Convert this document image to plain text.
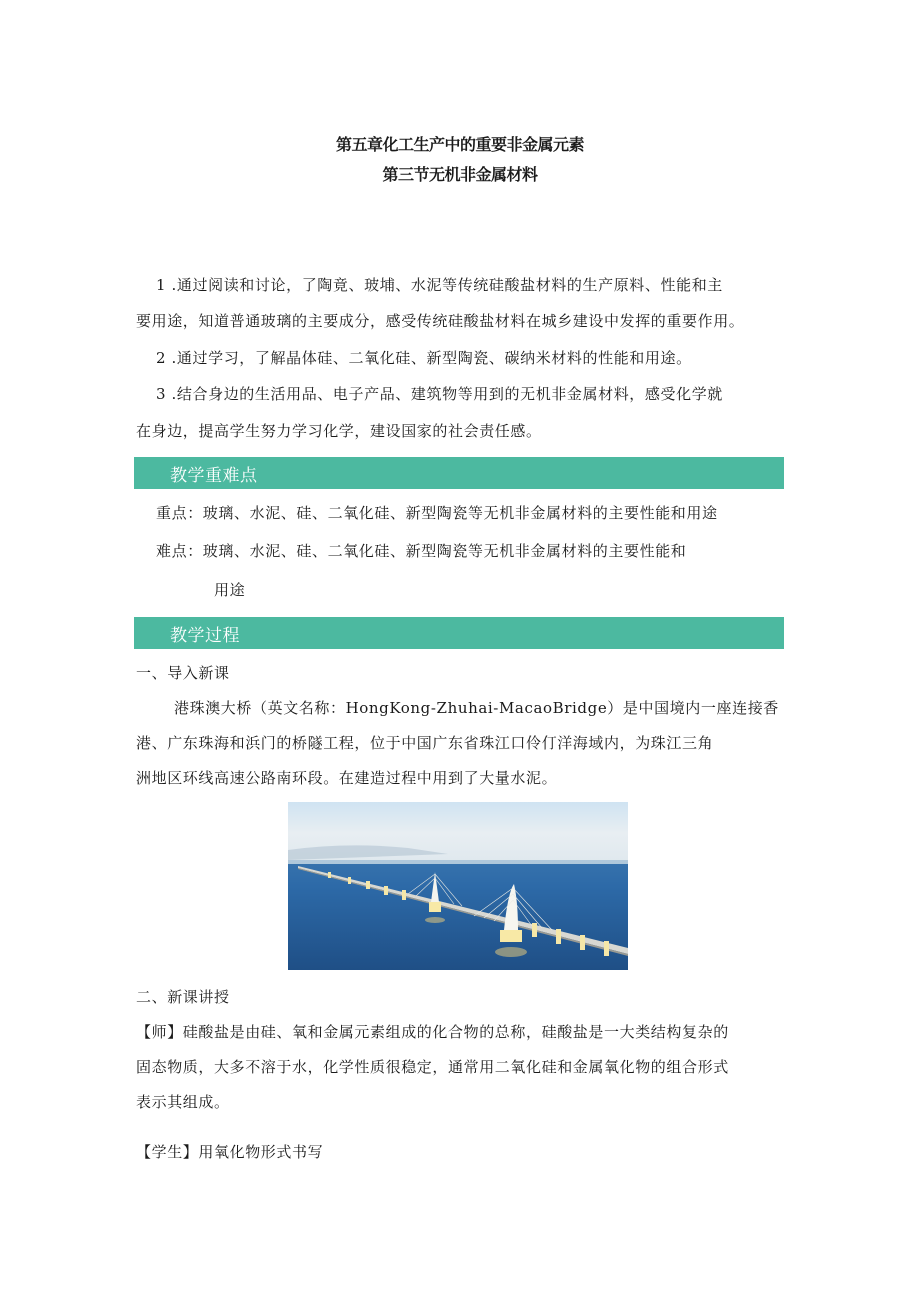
第五章化工生产中的重要非金属元素
第三节无机非金属材料
1 .通过阅读和讨论，了陶竟、玻埔、水泥等传统硅酸盐材料的生产原料、性能和主
要用途，知道普通玻璃的主要成分，感受传统硅酸盐材料在城乡建设中发挥的重要作用。
2 .通过学习，了解晶体硅、二氧化硅、新型陶瓷、碳纳米材料的性能和用途。
3 .结合身边的生活用品、电子产品、建筑物等用到的无机非金属材料，感受化学就
在身边，提高学生努力学习化学，建设国家的社会责任感。
教学重难点
重点：玻璃、水泥、硅、二氧化硅、新型陶瓷等无机非金属材料的主要性能和用途
难点：玻璃、水泥、硅、二氧化硅、新型陶瓷等无机非金属材料的主要性能和
用途
教学过程
一、导入新课
港珠澳大桥（英文名称：HongKong-Zhuhai-MacaoBridge）是中国境内一座连接香
港、广东珠海和浜门的桥隧工程，位于中国广东省珠江口伶仃洋海域内，为珠江三角
洲地区环线高速公路南环段。在建造过程中用到了大量水泥。
二、新课讲授
【师】硅酸盐是由硅、氧和金属元素组成的化合物的总称，硅酸盐是一大类结构复杂的
固态物质，大多不溶于水，化学性质很稳定，通常用二氧化硅和金属氧化物的组合形式
表示其组成。
【学生】用氧化物形式书写
